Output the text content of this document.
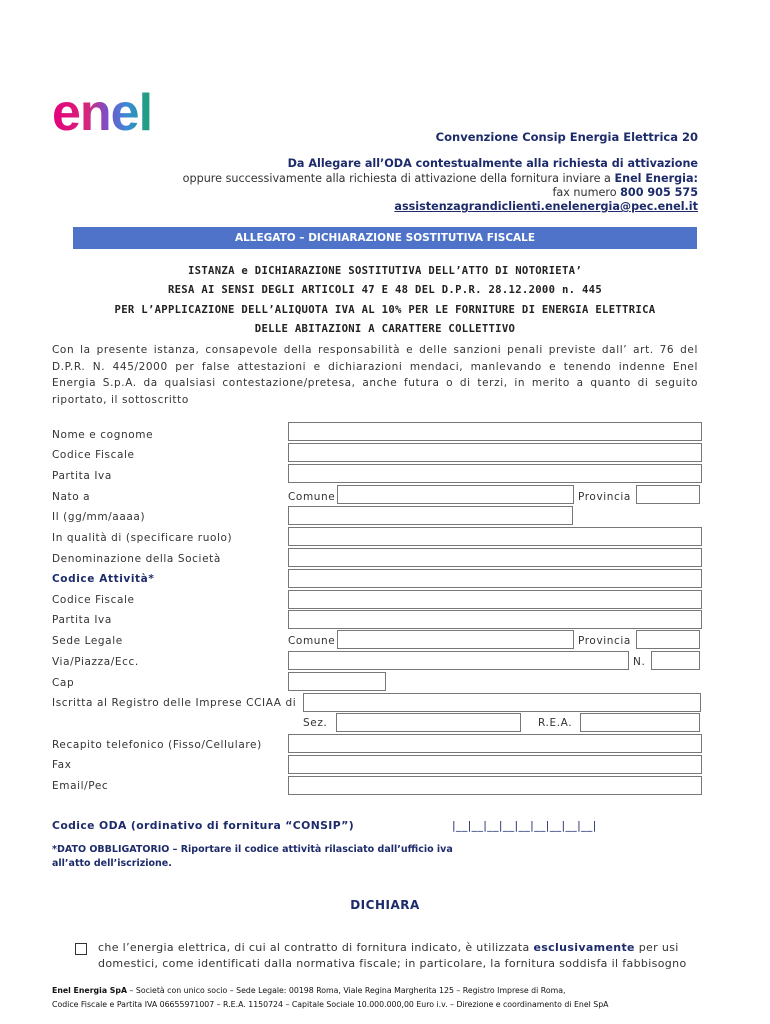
enel	Convenzione Consip Energia Elettrica 20
Da Allegare all’ODA contestualmente alla richiesta di attivazione
oppure successivamente alla richiesta di attivazione della fornitura inviare a Enel Energia:
fax numero 800 905 575
assistenzagrandiclienti.enelenergia@pec.enel.it
ALLEGATO – DICHIARAZIONE SOSTITUTIVA FISCALE
ISTANZA e DICHIARAZIONE SOSTITUTIVA DELL’ATTO DI NOTORIETA’
RESA AI SENSI DEGLI ARTICOLI 47 E 48 DEL D.P.R. 28.12.2000 n. 445
PER L’APPLICAZIONE DELL’ALIQUOTA IVA AL 10% PER LE FORNITURE DI ENERGIA ELETTRICA
DELLE ABITAZIONI A CARATTERE COLLETTIVO
Con la presente istanza, consapevole della responsabilità e delle sanzioni penali previste dall’ art. 76 del D.P.R. N. 445/2000 per false attestazioni e dichiarazioni mendaci, manlevando e tenendo indenne Enel Energia S.p.A. da qualsiasi contestazione/pretesa, anche futura o di terzi, in merito a quanto di seguito riportato, il sottoscritto
Nome e cognome
Codice Fiscale
Partita Iva
Nato a	Comune	Provincia
Il (gg/mm/aaaa)
In qualità di (specificare ruolo)
Denominazione della Società
Codice Attività*
Codice Fiscale
Partita Iva
Sede Legale	Comune	Provincia
Via/Piazza/Ecc.	N.
Cap
Iscritta al Registro delle Imprese CCIAA di
Sez.	R.E.A.
Recapito telefonico (Fisso/Cellulare)
Fax
Email/Pec
Codice ODA (ordinativo di fornitura “CONSIP”)	|__|__|__|__|__|__|__|__|__|
*DATO OBBLIGATORIO – Riportare il codice attività rilasciato dall’ufficio iva all’atto dell’iscrizione.
DICHIARA
che l’energia elettrica, di cui al contratto di fornitura indicato, è utilizzata esclusivamente per usi domestici, come identificati dalla normativa fiscale; in particolare, la fornitura soddisfa il fabbisogno
Enel Energia SpA – Società con unico socio – Sede Legale: 00198 Roma, Viale Regina Margherita 125 – Registro Imprese di Roma,
Codice Fiscale e Partita IVA 06655971007 – R.E.A. 1150724 – Capitale Sociale 10.000.000,00 Euro i.v. – Direzione e coordinamento di Enel SpA
